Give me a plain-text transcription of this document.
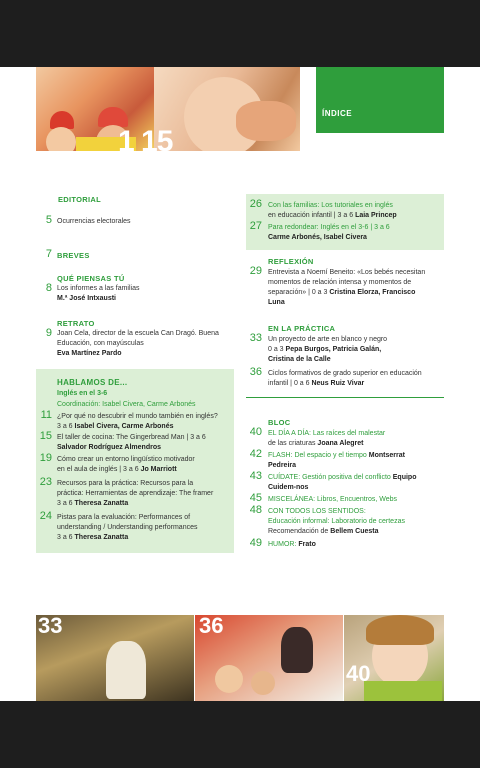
1 15
ÍNDICE
EDITORIAL
5 Ocurrencias electorales
7 BREVES
QUÉ PIENSAS TÚ
8 Los informes a las familias
M.ª José Intxausti
RETRATO
9 Joan Cela, director de la escuela Can Dragó. Buena
Educación, con mayúsculas
Eva Martínez Pardo
HABLAMOS DE...
Inglés en el 3-6
Coordinación: Isabel Civera, Carme Arbonés
11 ¿Por qué no descubrir el mundo también en inglés?
3 a 6 Isabel Civera, Carme Arbonés
15 El taller de cocina: The Gingerbread Man | 3 a 6
Salvador Rodríguez Almendros
19 Cómo crear un entorno lingüístico motivador
en el aula de inglés | 3 a 6 Jo Marriott
23 Recursos para la práctica: Recursos para la
práctica: Herramientas de aprendizaje: The framer
3 a 6 Theresa Zanatta
24 Pistas para la evaluación: Performances of
understanding / Understanding performances
3 a 6 Theresa Zanatta
26 Con las familias: Los tutoriales en inglés
en educación infantil | 3 a 6 Laia Princep
27 Para redondear: Inglés en el 3-6 | 3 a 6
Carme Arbonés, Isabel Civera
REFLEXIÓN
29 Entrevista a Noemí Beneito: «Los bebés necesitan
momentos de relación intensa y momentos de
separación» | 0 a 3 Cristina Elorza, Francisco
Luna
EN LA PRÁCTICA
33 Un proyecto de arte en blanco y negro
0 a 3 Pepa Burgos, Patricia Galán,
Cristina de la Calle
36 Ciclos formativos de grado superior en educación
infantil | 0 a 6 Neus Ruiz Vivar
BLOC
40 EL DÍA A DÍA: Las raíces del malestar
de las criaturas Joana Alegret
42 FLASH: Del espacio y el tiempo Montserrat
Pedreira
43 CUÍDATE: Gestión positiva del conflicto Equipo
Cuidem-nos
45 MISCELÁNEA: Libros, Encuentros, Webs
48 CON TODOS LOS SENTIDOS:
Educación informal: Laboratorio de certezas
Recomendación de Bellem Cuesta
49 HUMOR: Frato
33	36
40
